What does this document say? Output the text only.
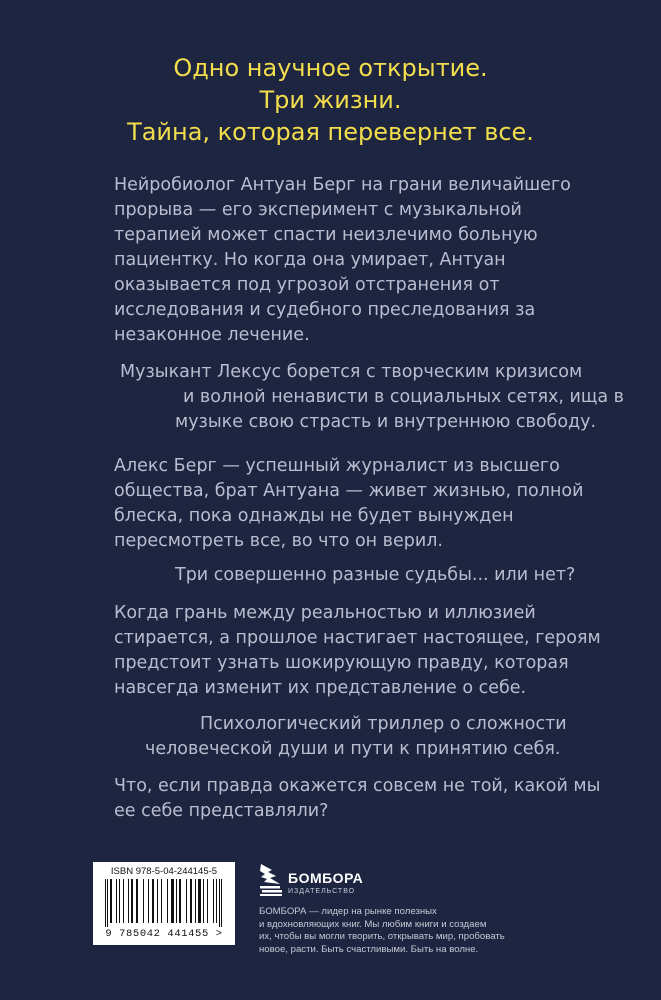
Одно научное открытие.
Три жизни.
Тайна, которая перевернет все.
Нейробиолог Антуан Берг на грани величайшего
прорыва — его эксперимент с музыкальной
терапией может спасти неизлечимо больную
пациентку. Но когда она умирает, Антуан
оказывается под угрозой отстранения от
исследования и судебного преследования за
незаконное лечение.
Музыкант Лексус борется с творческим кризисом
и волной ненависти в социальных сетях, ища в
музыке свою страсть и внутреннюю свободу.
Алекс Берг — успешный журналист из высшего
общества, брат Антуана — живет жизнью, полной
блеска, пока однажды не будет вынужден
пересмотреть все, во что он верил.
Три совершенно разные судьбы... или нет?
Когда грань между реальностью и иллюзией
стирается, а прошлое настигает настоящее, героям
предстоит узнать шокирующую правду, которая
навсегда изменит их представление о себе.
Психологический триллер о сложности
человеческой души и пути к принятию себя.
Что, если правда окажется совсем не той, какой мы
ее себе представляли?
ISBN 978-5-04-244145-5
9 785042 441455 >
БОМБОРА
ИЗДАТЕЛЬСТВО
БОМБОРА — лидер на рынке полезных
и вдохновляющих книг. Мы любим книги и создаем
их, чтобы вы могли творить, открывать мир, пробовать
новое, расти. Быть счастливыми. Быть на волне.
